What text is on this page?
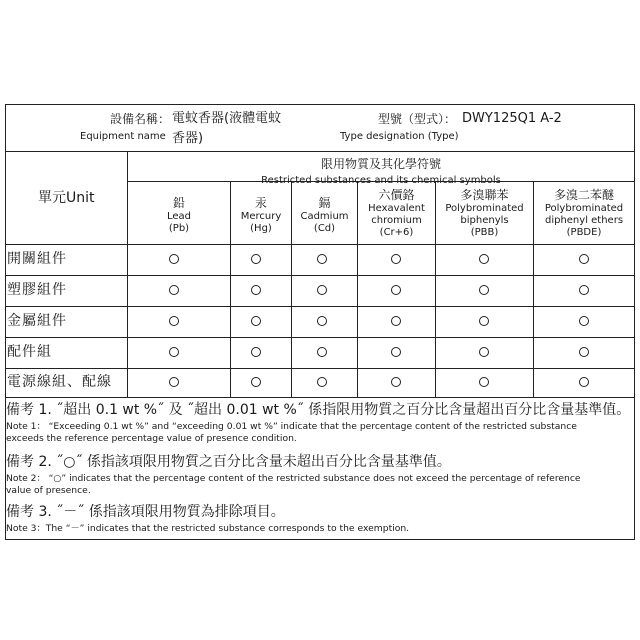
設備名稱： 電蚊香器(液體電蚊
Equipment name 香器)
型號（型式）： DWY125Q1 A-2
Type designation (Type)
單元Unit
限用物質及其化學符號
Restricted substances and its chemical symbols
鉛
Lead
(Pb)
汞
Mercury
(Hg)
鎘
Cadmium
(Cd)
六價鉻
Hexavalent
chromium
(Cr+6)
多溴聯苯
Polybrominated
biphenyls
(PBB)
多溴二苯醚
Polybrominated
diphenyl ethers
(PBDE)
開關組件
塑膠組件
金屬組件
配件組
電源線組、配線
備考 1. ˝超出 0.1 wt %˝ 及 ˝超出 0.01 wt %˝ 係指限用物質之百分比含量超出百分比含量基準值。
Note 1： “Exceeding 0.1 wt %” and “exceeding 0.01 wt %” indicate that the percentage content of the restricted substance
exceeds the reference percentage value of presence condition.
備考 2. ˝○˝ 係指該項限用物質之百分比含量未超出百分比含量基準值。
Note 2： “○” indicates that the percentage content of the restricted substance does not exceed the percentage of reference
value of presence.
備考 3. ˝－˝ 係指該項限用物質為排除項目。
Note 3：The “－” indicates that the restricted substance corresponds to the exemption.
